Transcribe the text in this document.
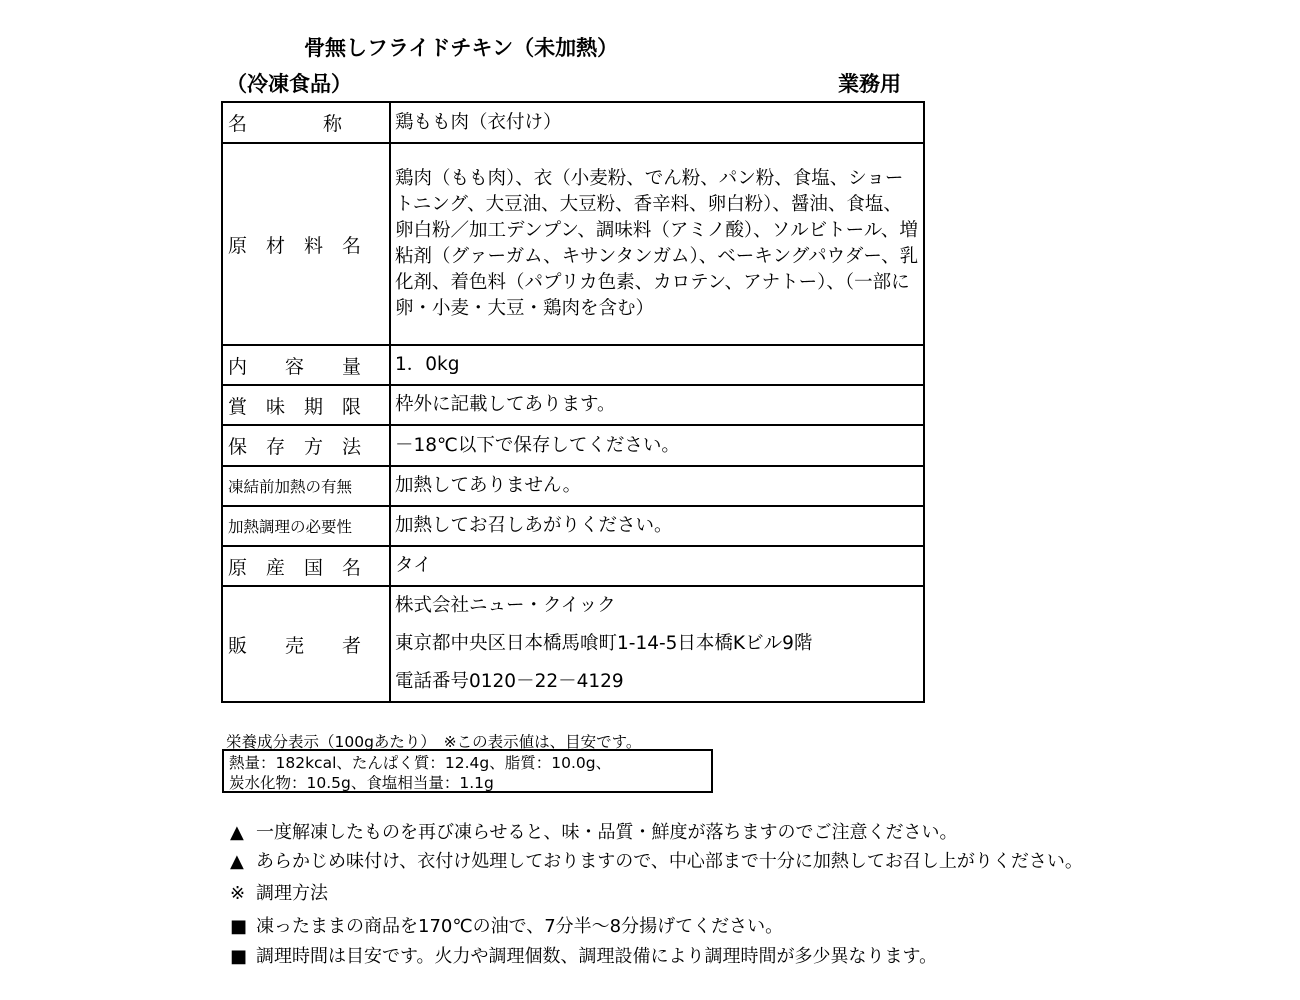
骨無しフライドチキン（未加熱）
（冷凍食品）	業務用
名　　　　称	鶏もも肉（衣付け）

原　材　料　名	鶏肉（もも肉）、衣（小麦粉、でん粉、パン粉、食塩、ショートニング、大豆油、大豆粉、香辛料、卵白粉）、醤油、食塩、卵白粉／加工デンプン、調味料（アミノ酸）、ソルビトール、増粘剤（グァーガム、キサンタンガム）、ベーキングパウダー、乳化剤、着色料（パプリカ色素、カロテン、アナトー）、（一部に卵・小麦・大豆・鶏肉を含む）

内　　容　　量	1．0kg

賞　味　期　限	枠外に記載してあります。

保　存　方　法	－18℃以下で保存してください。

凍結前加熱の有無	加熱してありません。

加熱調理の必要性	加熱してお召しあがりください。

原　産　国　名	タイ

販　　売　　者	株式会社ニュー・クイック
東京都中央区日本橋馬喰町1-14-5日本橋Kビル9階
電話番号0120－22－4129
栄養成分表示（100gあたり）　※この表示値は、目安です。
熱量：182kcal、たんぱく質：12.4g、脂質：10.0g、
炭水化物：10.5g、食塩相当量：1.1g
▲ 一度解凍したものを再び凍らせると、味・品質・鮮度が落ちますのでご注意ください。
▲ あらかじめ味付け、衣付け処理しておりますので、中心部まで十分に加熱してお召し上がりください。
※ 調理方法
■ 凍ったままの商品を170℃の油で、7分半～8分揚げてください。
■ 調理時間は目安です。火力や調理個数、調理設備により調理時間が多少異なります。
